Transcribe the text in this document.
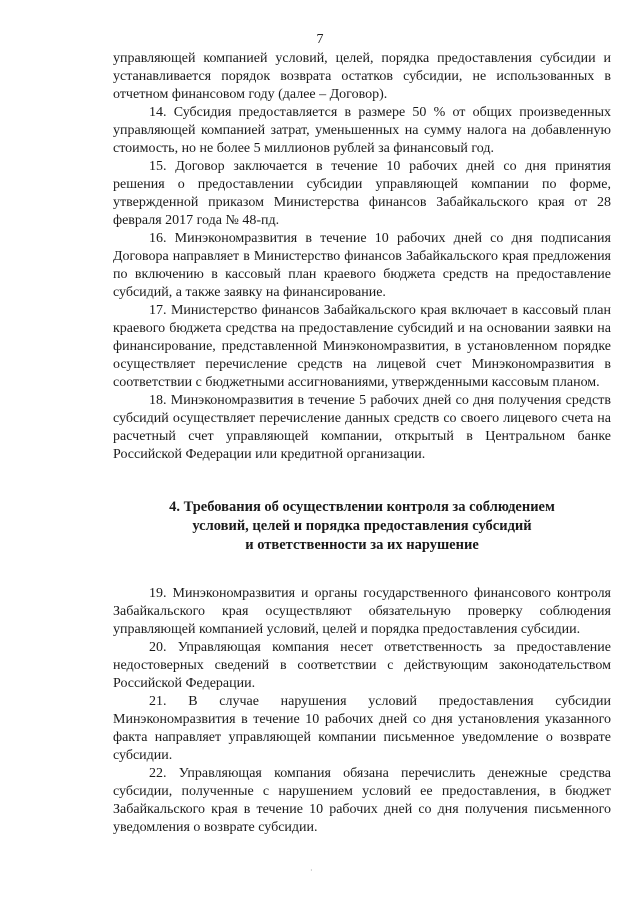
7

управляющей компанией условий, целей, порядка предоставления субсидии и устанавливается порядок возврата остатков субсидии, не использованных в отчетном финансовом году (далее – Договор).

14. Субсидия предоставляется в размере 50 % от общих произведенных управляющей компанией затрат, уменьшенных на сумму налога на добавленную стоимость, но не более 5 миллионов рублей за финансовый год.

15. Договор заключается в течение 10 рабочих дней со дня принятия решения о предоставлении субсидии управляющей компании по форме, утвержденной приказом Министерства финансов Забайкальского края от 28 февраля 2017 года № 48-пд.

16. Минэкономразвития в течение 10 рабочих дней со дня подписания Договора направляет в Министерство финансов Забайкальского края предложения по включению в кассовый план краевого бюджета средств на предоставление субсидий, а также заявку на финансирование.

17. Министерство финансов Забайкальского края включает в кассовый план краевого бюджета средства на предоставление субсидий и на основании заявки на финансирование, представленной Минэкономразвития, в установленном порядке осуществляет перечисление средств на лицевой счет Минэкономразвития в соответствии с бюджетными ассигнованиями, утвержденными кассовым планом.

18. Минэкономразвития в течение 5 рабочих дней со дня получения средств субсидий осуществляет перечисление данных средств со своего лицевого счета на расчетный счет управляющей компании, открытый в Центральном банке Российской Федерации или кредитной организации.

4. Требования об осуществлении контроля за соблюдением
условий, целей и порядка предоставления субсидий
и ответственности за их нарушение

19. Минэкономразвития и органы государственного финансового контроля Забайкальского края осуществляют обязательную проверку соблюдения управляющей компанией условий, целей и порядка предоставления субсидии.

20. Управляющая компания несет ответственность за предоставление недостоверных сведений в соответствии с действующим законодательством Российской Федерации.

21. В случае нарушения условий предоставления субсидии Минэкономразвития в течение 10 рабочих дней со дня установления указанного факта направляет управляющей компании письменное уведомление о возврате субсидии.

22. Управляющая компания обязана перечислить денежные средства субсидии, полученные с нарушением условий ее предоставления, в бюджет Забайкальского края в течение 10 рабочих дней со дня получения письменного уведомления о возврате субсидии.

·
